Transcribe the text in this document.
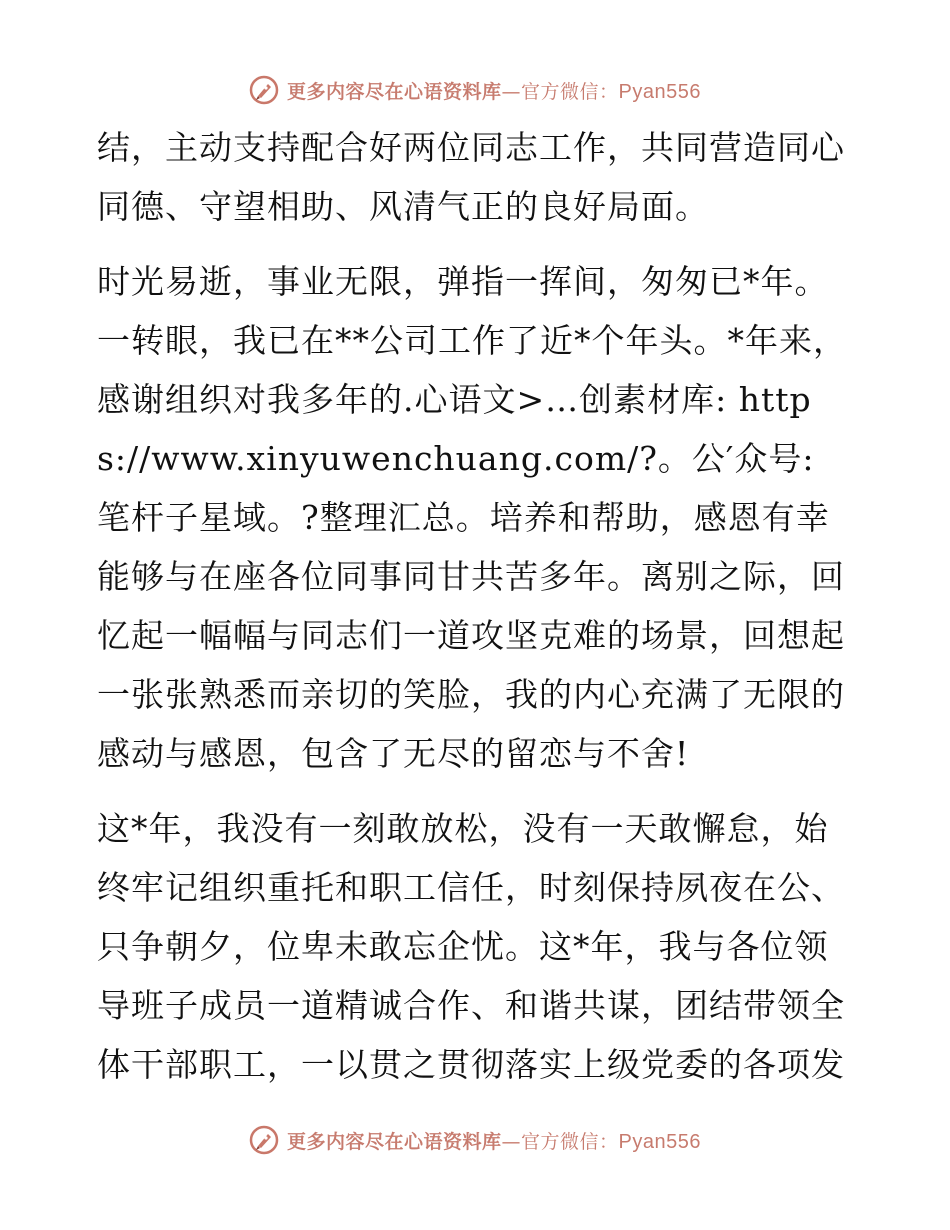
更多内容尽在心语资料库—官方微信：Pyan556

结，主动支持配合好两位同志工作，共同营造同心同德、守望相助、风清气正的良好局面。

时光易逝，事业无限，弹指一挥间，匆匆已*年。一转眼，我已在**公司工作了近*个年头。*年来，感谢组织对我多年的.心语文>…创素材库: https://www.xinyuwenchuang.com/?。公′众号: 笔杆子星域。?整理汇总。培养和帮助，感恩有幸能够与在座各位同事同甘共苦多年。离别之际，回忆起一幅幅与同志们一道攻坚克难的场景，回想起一张张熟悉而亲切的笑脸，我的内心充满了无限的感动与感恩，包含了无尽的留恋与不舍!

这*年，我没有一刻敢放松，没有一天敢懈怠，始终牢记组织重托和职工信任，时刻保持夙夜在公、只争朝夕，位卑未敢忘企忧。这*年，我与各位领导班子成员一道精诚合作、和谐共谋，团结带领全体干部职工，一以贯之贯彻落实上级党委的各项发

更多内容尽在心语资料库—官方微信：Pyan556
